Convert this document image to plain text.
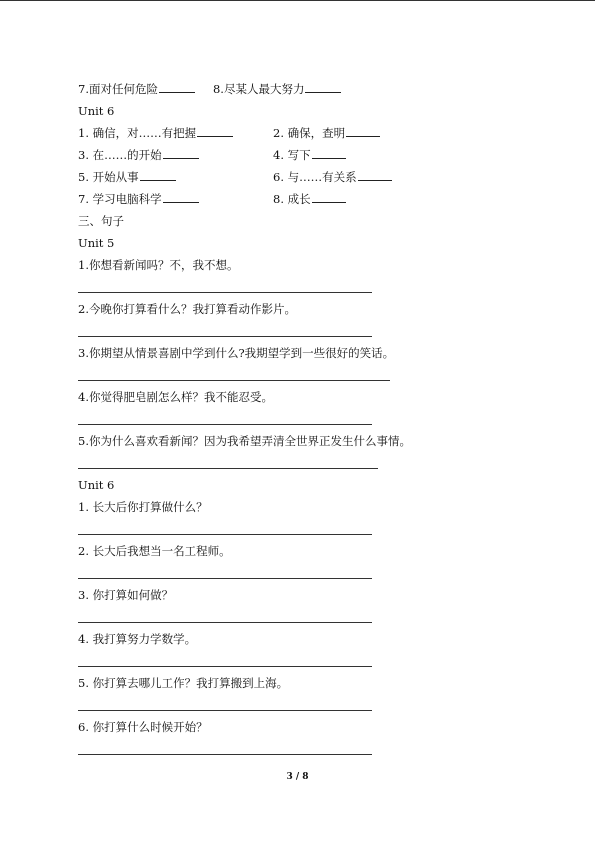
7.面对任何危险	8.尽某人最大努力
Unit 6
1. 确信，对……有把握	2. 确保，查明
3. 在……的开始	4. 写下
5. 开始从事	6. 与……有关系
7. 学习电脑科学	8. 成长
三、句子
Unit 5
1.你想看新闻吗？不，我不想。
2.今晚你打算看什么？我打算看动作影片。
3.你期望从情景喜剧中学到什么?我期望学到一些很好的笑话。
4.你觉得肥皂剧怎么样？我不能忍受。
5.你为什么喜欢看新闻？因为我希望弄清全世界正发生什么事情。
Unit 6
1. 长大后你打算做什么？
2. 长大后我想当一名工程师。
3. 你打算如何做？
4. 我打算努力学数学。
5. 你打算去哪儿工作？我打算搬到上海。
6. 你打算什么时候开始？
3 / 8
